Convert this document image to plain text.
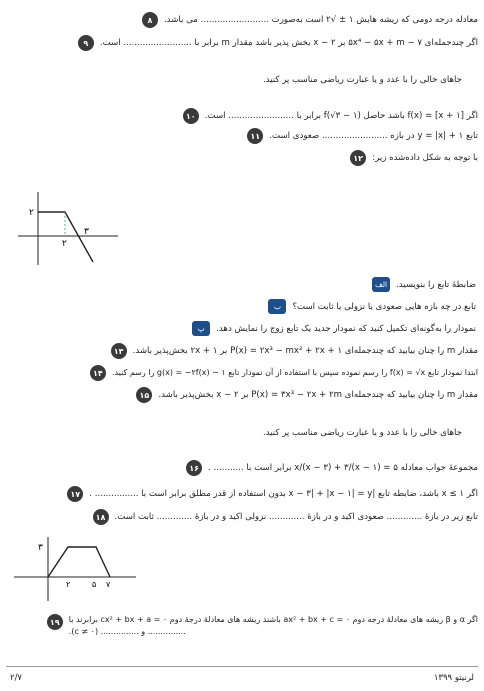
۸	معادله درجه دومی که ریشه هایش ۱ ± √۲ است به‌صورت ......................... می باشد.
۹	اگر چندجمله‌ای ۷ − ۵x⁴ − ۵x + m بر x − ۲ بخش پذیر باشد مقدار m برابر با ......................... است.
جاهای خالی را با عدد و یا عبارت ریاضی مناسب پر کنید.
۱۰	اگر f(x) = [x + ۱] باشد حاصل f(√۳ − ۱) برابر با ........................ است.
۱۱	تابع y = |x| + ۱ در بازه ........................ صعودی است.
۱۲	با توجه به شکل داده‌شده زیر:
۲
۲
۳
الف	ضابطهٔ تابع را بنویسید.
ب	تابع در چه بازه هایی صعودی یا نزولی یا ثابت است؟
پ	نمودار را به‌گونه‌ای تکمیل کنید که نمودار جدید یک تابع زوج را نمایش دهد.
۱۳	مقدار m را چنان بیابید که چندجمله‌ای P(x) = ۲x³ − mx² + ۲x + ۱ بر ۲x + ۱ بخش‌پذیر باشد.
۱۴	ابتدا نمودار تابع f(x) = √x را رسم نموده سپس با استفاده از آن نمودار تابع g(x) = −۲f(x) − ۱ را رسم کنید.
۱۵	مقدار m را چنان بیابید که چندجمله‌ای P(x) = ۳x³ − ۲x + ۲m بر x − ۲ بخش‌پذیر باشد.
جاهای خالی را با عدد و یا عبارت ریاضی مناسب پر کنید.
۱۶	مجموعهٔ جواب معادله ۵ = x/(x − ۳) + ۳/(x − ۱) برابر است با ........... .
۱۷	اگر ۱ ≥ x باشد، ضابطه تابع |x − ۳| + |x − ۱| = y بدون استفاده از قدر مطلق برابر است با ................ .
۱۸	تابع زیر در بازهٔ ............. صعودی اکید و در بازهٔ ............. نزولی اکید و در بازهٔ ............. ثابت است.
۳
۲	۵ ۷
۱۹	اگر α و β ریشه های معادلهٔ درجه دوم ax² + bx + c = ۰ باشند ریشه های معادلهٔ درجهٔ دوم cx² + bx + a = ۰ برابرند با
............... و ............... (c ≠ ۰).
۲/۷	لرنیتو ۱۳۹۹
